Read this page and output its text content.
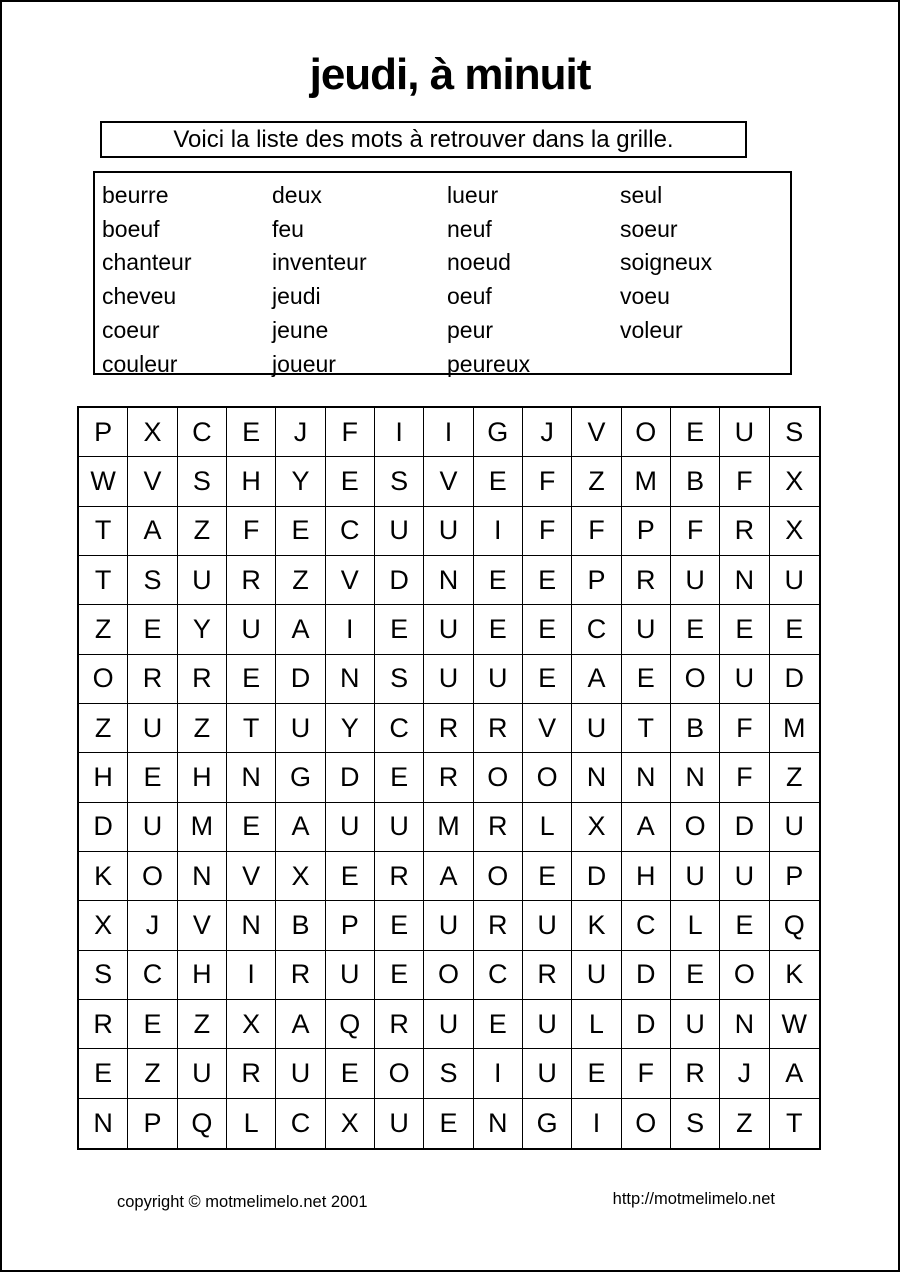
jeudi, à minuit
Voici la liste des mots à retrouver dans la grille.
beurre
boeuf
chanteur
cheveu
coeur
couleur
deux
feu
inventeur
jeudi
jeune
joueur
lueur
neuf
noeud
oeuf
peur
peureux
seul
soeur
soigneux
voeu
voleur
P	X	C	E	J	F	I	I	G	J	V	O	E	U	S
W	V	S	H	Y	E	S	V	E	F	Z	M	B	F	X
T	A	Z	F	E	C	U	U	I	F	F	P	F	R	X
T	S	U	R	Z	V	D	N	E	E	P	R	U	N	U
Z	E	Y	U	A	I	E	U	E	E	C	U	E	E	E
O	R	R	E	D	N	S	U	U	E	A	E	O	U	D
Z	U	Z	T	U	Y	C	R	R	V	U	T	B	F	M
H	E	H	N	G	D	E	R	O	O	N	N	N	F	Z
D	U	M	E	A	U	U	M	R	L	X	A	O	D	U
K	O	N	V	X	E	R	A	O	E	D	H	U	U	P
X	J	V	N	B	P	E	U	R	U	K	C	L	E	Q
S	C	H	I	R	U	E	O	C	R	U	D	E	O	K
R	E	Z	X	A	Q	R	U	E	U	L	D	U	N	W
E	Z	U	R	U	E	O	S	I	U	E	F	R	J	A
N	P	Q	L	C	X	U	E	N	G	I	O	S	Z	T
copyright © motmelimelo.net 2001	http://motmelimelo.net
